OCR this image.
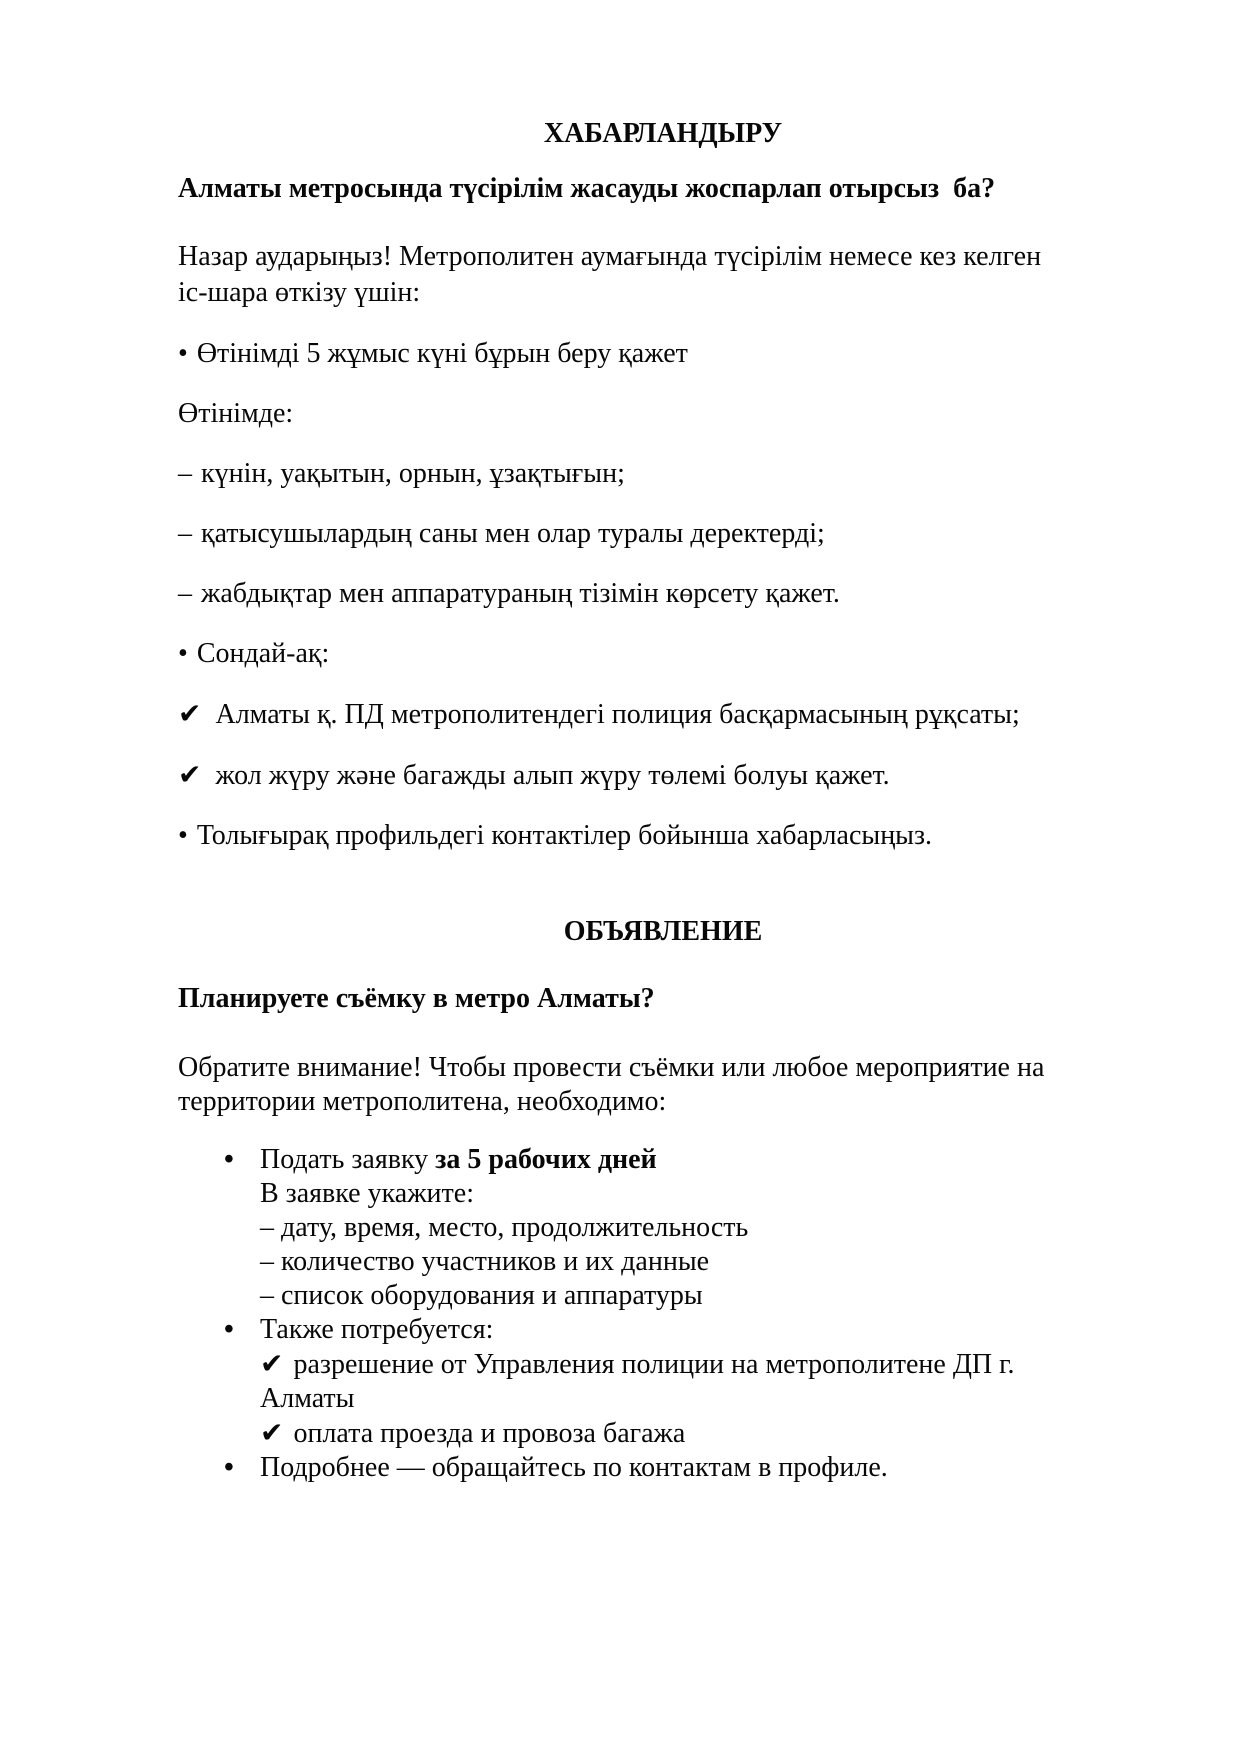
ХАБАРЛАНДЫРУ
Алматы метросында түсірілім жасауды жоспарлап отырсыз  ба?

Назар аударыңыз! Метрополитен аумағында түсірілім немесе кез келген
іс-шара өткізу үшін:

• Өтінімді 5 жұмыс күні бұрын беру қажет

Өтінімде:

– күнін, уақытын, орнын, ұзақтығын;

– қатысушылардың саны мен олар туралы деректерді;

– жабдықтар мен аппаратураның тізімін көрсету қажет.

• Сондай-ақ:

✔ Алматы қ. ПД метрополитендегі полиция басқармасының рұқсаты;

✔ жол жүру және багажды алып жүру төлемі болуы қажет.

• Толығырақ профильдегі контактілер бойынша хабарласыңыз.

ОБЪЯВЛЕНИЕ
Планируете съёмку в метро Алматы?

Обратите внимание! Чтобы провести съёмки или любое мероприятие на
территории метрополитена, необходимо:

• Подать заявку за 5 рабочих дней
В заявке укажите:
– дату, время, место, продолжительность
– количество участников и их данные
– список оборудования и аппаратуры
• Также потребуется:
✔ разрешение от Управления полиции на метрополитене ДП г.
Алматы
✔ оплата проезда и провоза багажа
• Подробнее — обращайтесь по контактам в профиле.
